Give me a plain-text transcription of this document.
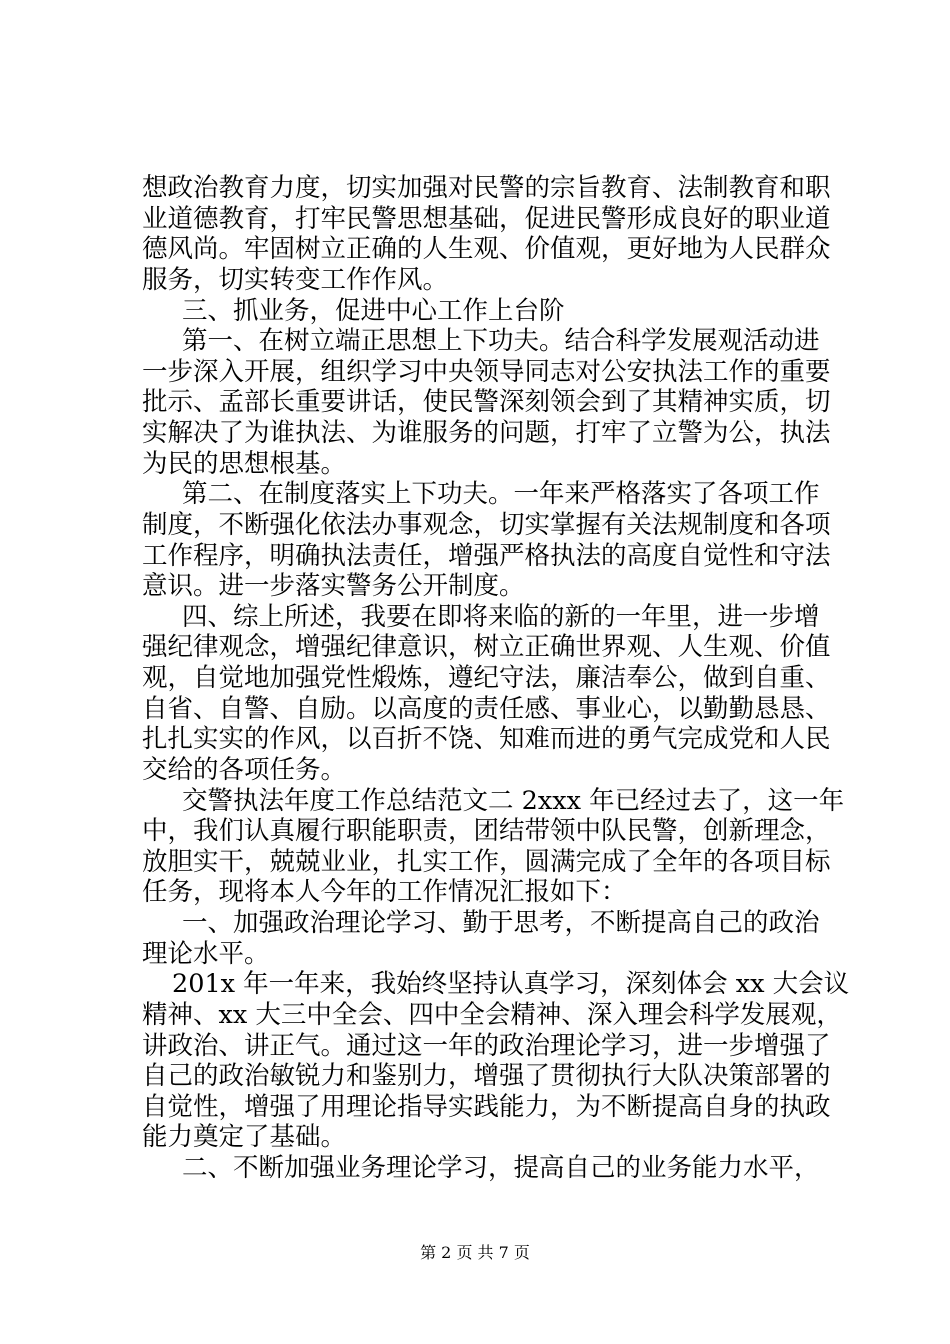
想政治教育力度，切实加强对民警的宗旨教育、法制教育和职
业道德教育，打牢民警思想基础，促进民警形成良好的职业道
德风尚。牢固树立正确的人生观、价值观，更好地为人民群众
服务，切实转变工作作风。
三、抓业务，促进中心工作上台阶
第一、在树立端正思想上下功夫。结合科学发展观活动进
一步深入开展，组织学习中央领导同志对公安执法工作的重要
批示、孟部长重要讲话，使民警深刻领会到了其精神实质，切
实解决了为谁执法、为谁服务的问题，打牢了立警为公，执法
为民的思想根基。
第二、在制度落实上下功夫。一年来严格落实了各项工作
制度，不断强化依法办事观念，切实掌握有关法规制度和各项
工作程序，明确执法责任，增强严格执法的高度自觉性和守法
意识。进一步落实警务公开制度。
四、综上所述，我要在即将来临的新的一年里，进一步增
强纪律观念，增强纪律意识，树立正确世界观、人生观、价值
观，自觉地加强党性煅炼，遵纪守法，廉洁奉公，做到自重、
自省、自警、自励。以高度的责任感、事业心，以勤勤恳恳、
扎扎实实的作风，以百折不饶、知难而进的勇气完成党和人民
交给的各项任务。
交警执法年度工作总结范文二 2xxx 年已经过去了，这一年
中，我们认真履行职能职责，团结带领中队民警，创新理念，
放胆实干，兢兢业业，扎实工作，圆满完成了全年的各项目标
任务，现将本人今年的工作情况汇报如下：
一、加强政治理论学习、勤于思考，不断提高自己的政治
理论水平。
201x 年一年来，我始终坚持认真学习，深刻体会 xx 大会议
精神、xx 大三中全会、四中全会精神、深入理会科学发展观，
讲政治、讲正气。通过这一年的政治理论学习，进一步增强了
自己的政治敏锐力和鉴别力，增强了贯彻执行大队决策部署的
自觉性，增强了用理论指导实践能力，为不断提高自身的执政
能力奠定了基础。
二、不断加强业务理论学习，提高自己的业务能力水平，
第 2 页 共 7 页
